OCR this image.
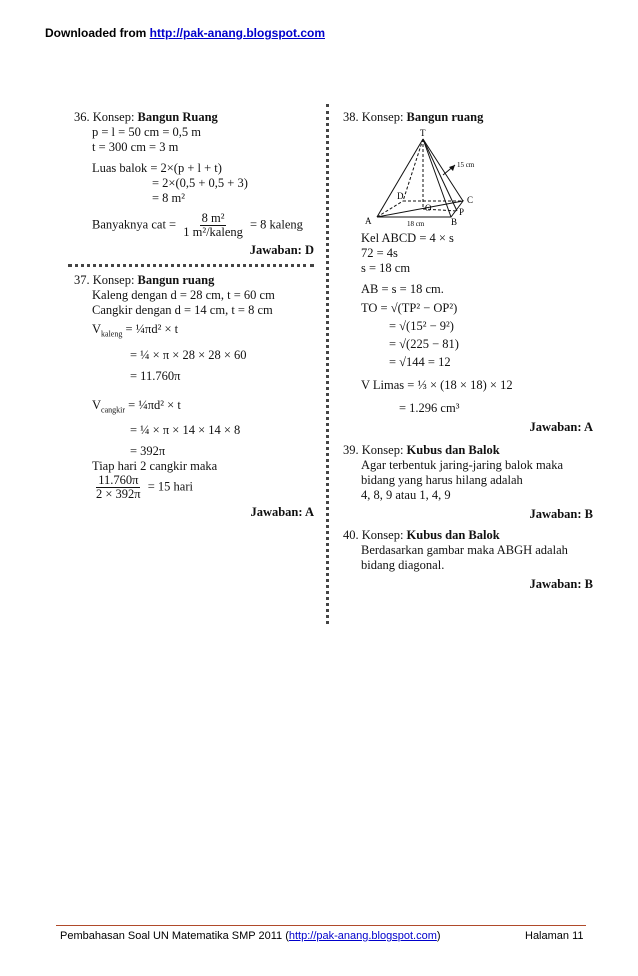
Downloaded from http://pak-anang.blogspot.com
36. Konsep: Bangun Ruang
p = l = 50 cm = 0,5 m
t = 300 cm = 3 m
Luas balok = 2×(p + l + t)
= 2×(0,5 + 0,5 + 3)
= 8 m²
Banyaknya cat = $\frac{\text{8 m²}}{\text{1 m²/kaleng}} = 8$ kaleng
Jawaban: D
37. Konsep: Bangun ruang
Kaleng dengan d = 28 cm, t = 60 cm
Cangkir dengan d = 14 cm, t = 8 cm
$V_{kaleng}$ = ¼πd² × t
= ¼ × π × 28 × 28 × 60
= 11.760π
$V_{cangkir}$ = ¼πd² × t
= ¼ × π × 14 × 14 × 8
= 392π
Tiap hari 2 cangkir maka
$\frac{11.760\pi}{2 \times 392\pi} = 15$ hari
Jawaban: A
38. Konsep: Bangun ruang
T
15 cm
A	B
C
D
O	P
18 cm
Kel ABCD = 4 × s
72 = 4s
s = 18 cm
AB = s = 18 cm.
TO = √(TP² − OP²)
= √(15² − 9²)
= √(225 − 81)
= √144 = 12
V Limas = ⅓ × (18 × 18) × 12
= 1.296 cm³
Jawaban: A
39. Konsep: Kubus dan Balok
Agar terbentuk jaring-jaring balok maka
bidang yang harus hilang adalah
4, 8, 9 atau 1, 4, 9
Jawaban: B
40. Konsep: Kubus dan Balok
Berdasarkan gambar maka ABGH adalah
bidang diagonal.
Jawaban: B
Pembahasan Soal UN Matematika SMP 2011 (http://pak-anang.blogspot.com)	Halaman 11
